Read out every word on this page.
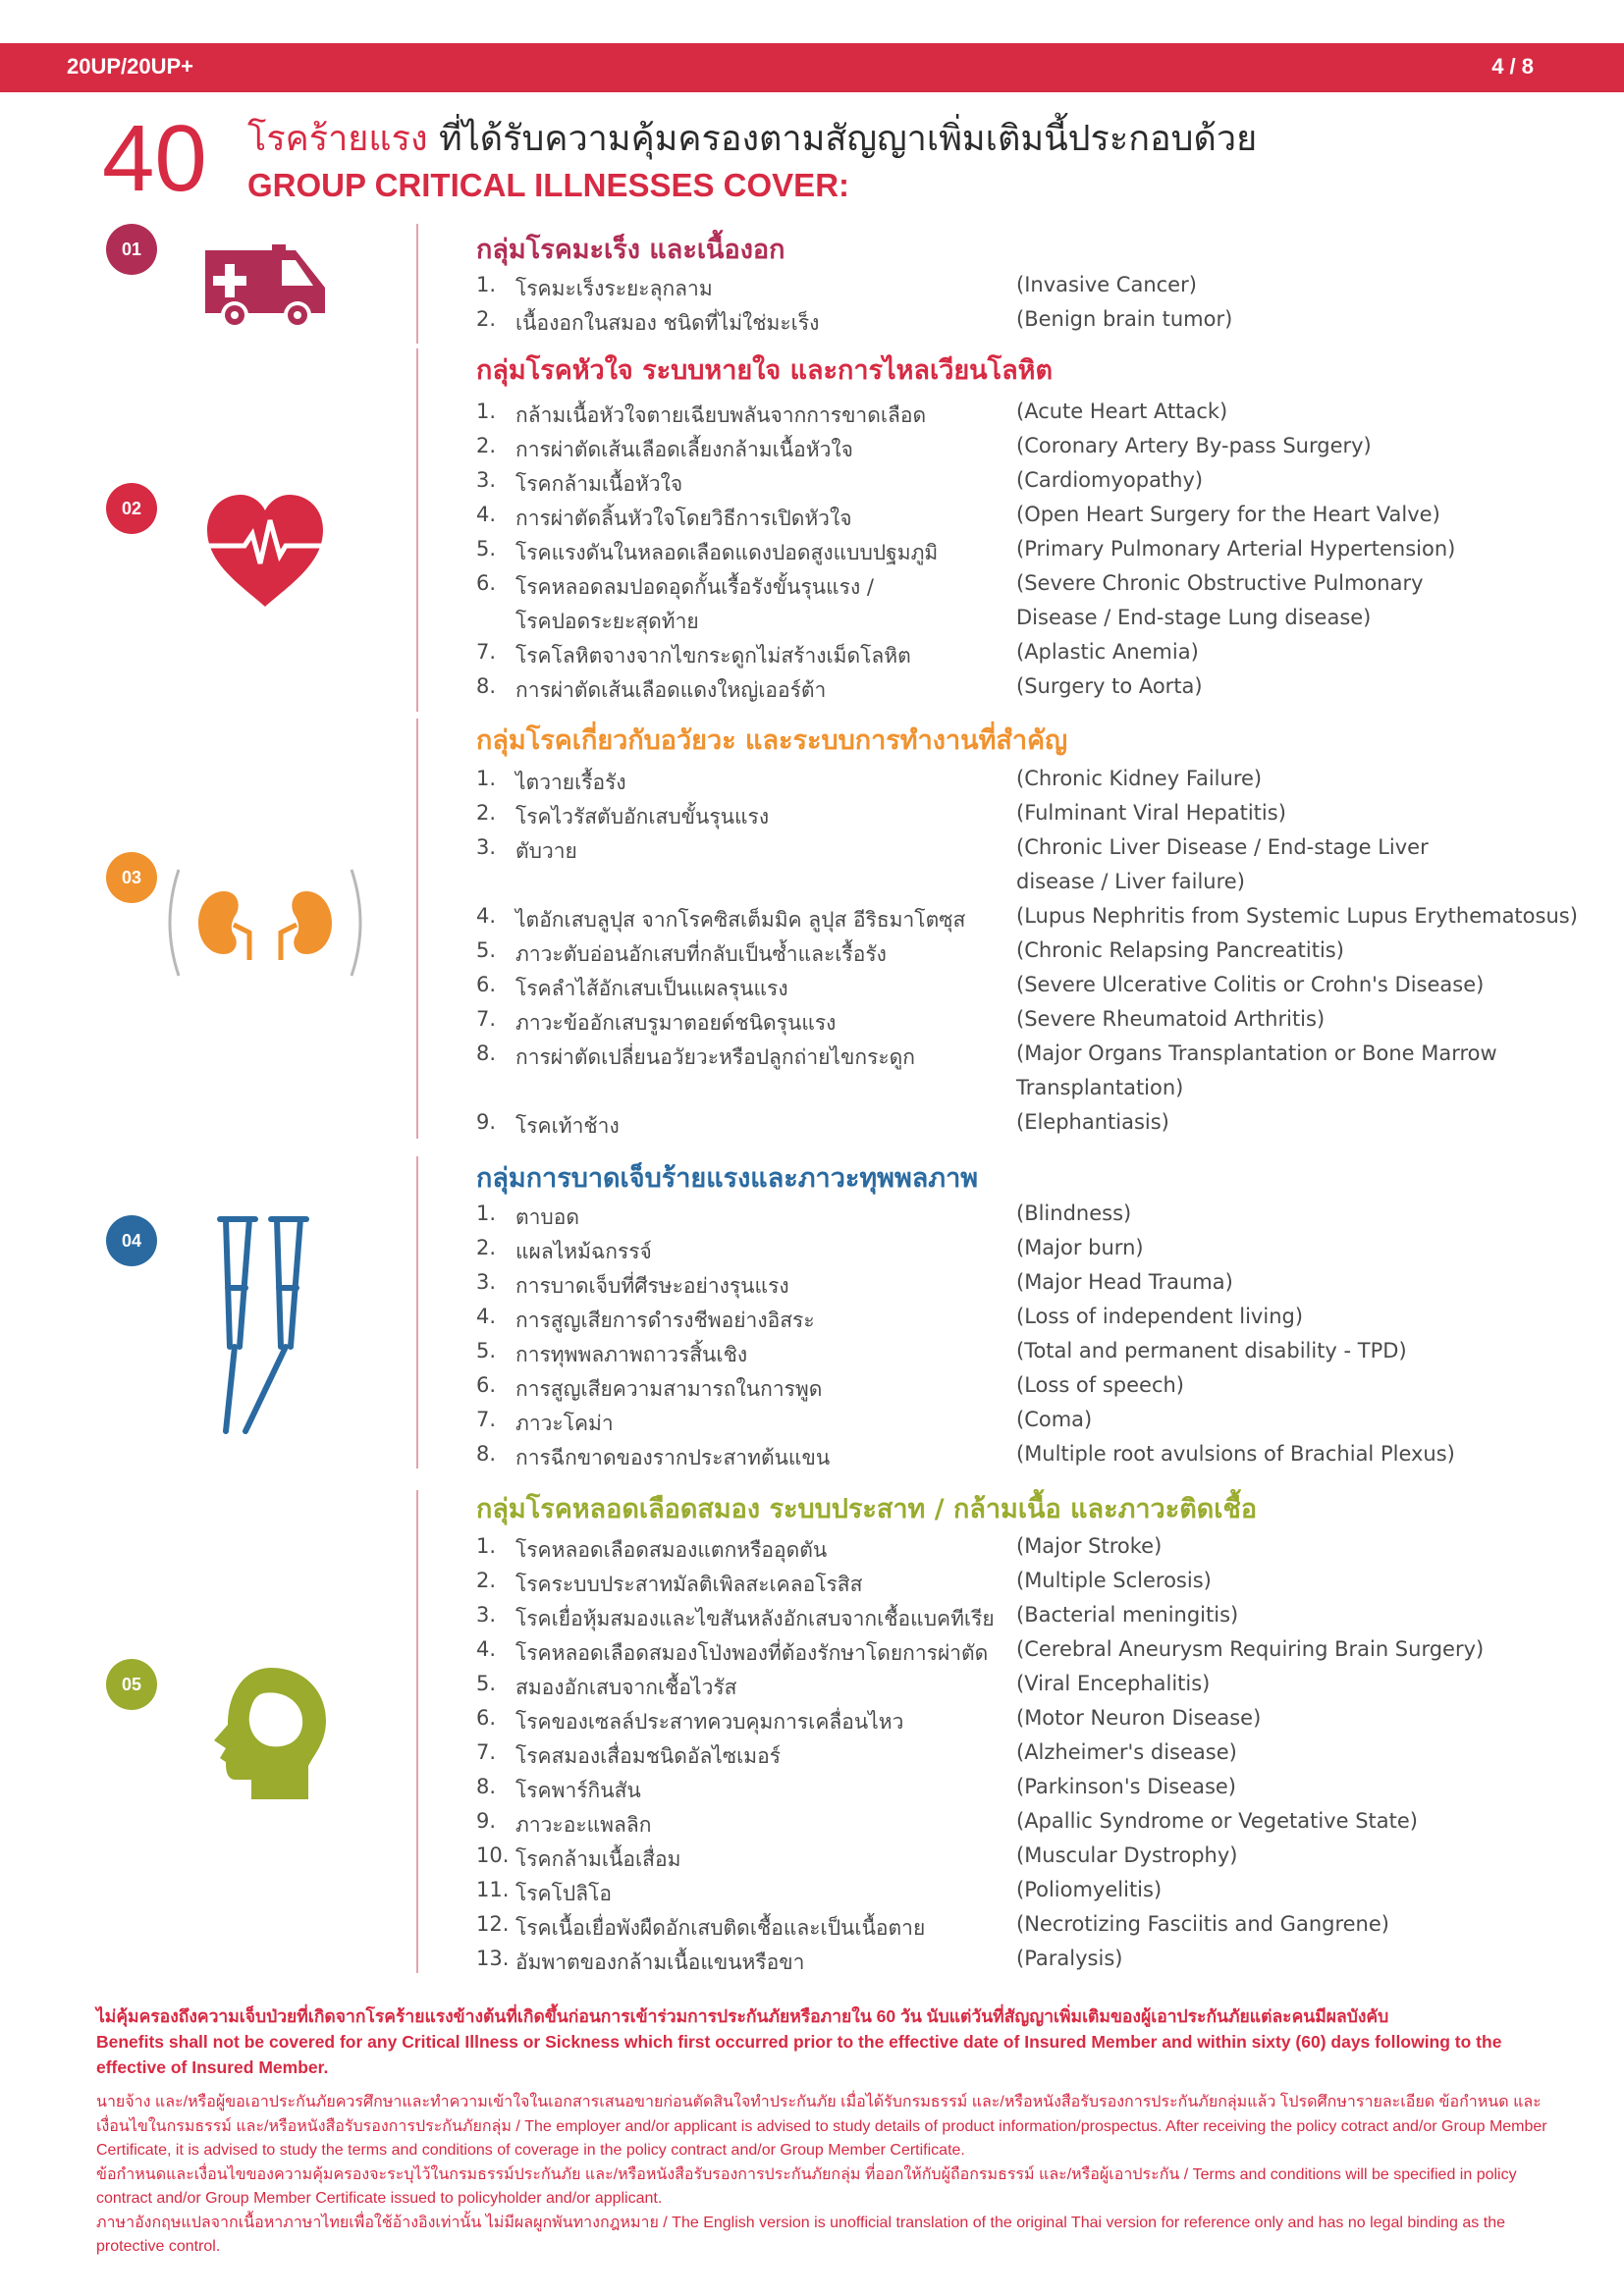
20UP/20UP+	4 / 8
40 โรคร้ายแรง ที่ได้รับความคุ้มครองตามสัญญาเพิ่มเติมนี้ประกอบด้วย
GROUP CRITICAL ILLNESSES COVER:
01
02
03
04
05
กลุ่มโรคมะเร็ง และเนื้องอก
1. โรคมะเร็งระยะลุกลาม	(Invasive Cancer)
2. เนื้องอกในสมอง ชนิดที่ไม่ใช่มะเร็ง	(Benign brain tumor)
กลุ่มโรคหัวใจ ระบบหายใจ และการไหลเวียนโลหิต
1. กล้ามเนื้อหัวใจตายเฉียบพลันจากการขาดเลือด	(Acute Heart Attack)
2. การผ่าตัดเส้นเลือดเลี้ยงกล้ามเนื้อหัวใจ	(Coronary Artery By-pass Surgery)
3. โรคกล้ามเนื้อหัวใจ	(Cardiomyopathy)
4. การผ่าตัดลิ้นหัวใจโดยวิธีการเปิดหัวใจ	(Open Heart Surgery for the Heart Valve)
5. โรคแรงดันในหลอดเลือดแดงปอดสูงแบบปฐมภูมิ	(Primary Pulmonary Arterial Hypertension)
6. โรคหลอดลมปอดอุดกั้นเรื้อรังขั้นรุนแรง /	(Severe Chronic Obstructive Pulmonary
โรคปอดระยะสุดท้าย	Disease / End-stage Lung disease)
7. โรคโลหิตจางจากไขกระดูกไม่สร้างเม็ดโลหิต	(Aplastic Anemia)
8. การผ่าตัดเส้นเลือดแดงใหญ่เออร์ต้า	(Surgery to Aorta)
กลุ่มโรคเกี่ยวกับอวัยวะ และระบบการทำงานที่สำคัญ
1. ไตวายเรื้อรัง	(Chronic Kidney Failure)
2. โรคไวรัสตับอักเสบขั้นรุนแรง	(Fulminant Viral Hepatitis)
3. ตับวาย	(Chronic Liver Disease / End-stage Liver
disease / Liver failure)
4. ไตอักเสบลูปุส จากโรคซิสเต็มมิค ลูปุส อีริธมาโตซุส (Lupus Nephritis from Systemic Lupus Erythematosus)
5. ภาวะตับอ่อนอักเสบที่กลับเป็นซ้ำและเรื้อรัง	(Chronic Relapsing Pancreatitis)
6. โรคลำไส้อักเสบเป็นแผลรุนแรง	(Severe Ulcerative Colitis or Crohn's Disease)
7. ภาวะข้ออักเสบรูมาตอยด์ชนิดรุนแรง	(Severe Rheumatoid Arthritis)
8. การผ่าตัดเปลี่ยนอวัยวะหรือปลูกถ่ายไขกระดูก	(Major Organs Transplantation or Bone Marrow
Transplantation)
9. โรคเท้าช้าง	(Elephantiasis)
กลุ่มการบาดเจ็บร้ายแรงและภาวะทุพพลภาพ
1. ตาบอด	(Blindness)
2. แผลไหม้ฉกรรจ์	(Major burn)
3. การบาดเจ็บที่ศีรษะอย่างรุนแรง	(Major Head Trauma)
4. การสูญเสียการดำรงชีพอย่างอิสระ	(Loss of independent living)
5. การทุพพลภาพถาวรสิ้นเชิง	(Total and permanent disability - TPD)
6. การสูญเสียความสามารถในการพูด	(Loss of speech)
7. ภาวะโคม่า	(Coma)
8. การฉีกขาดของรากประสาทต้นแขน	(Multiple root avulsions of Brachial Plexus)
กลุ่มโรคหลอดเลือดสมอง ระบบประสาท / กล้ามเนื้อ และภาวะติดเชื้อ
1. โรคหลอดเลือดสมองแตกหรืออุดตัน	(Major Stroke)
2. โรคระบบประสาทมัลติเพิลสะเคลอโรสิส	(Multiple Sclerosis)
3. โรคเยื่อหุ้มสมองและไขสันหลังอักเสบจากเชื้อแบคทีเรีย (Bacterial meningitis)
4. โรคหลอดเลือดสมองโป่งพองที่ต้องรักษาโดยการผ่าตัด (Cerebral Aneurysm Requiring Brain Surgery)
5. สมองอักเสบจากเชื้อไวรัส	(Viral Encephalitis)
6. โรคของเซลล์ประสาทควบคุมการเคลื่อนไหว	(Motor Neuron Disease)
7. โรคสมองเสื่อมชนิดอัลไซเมอร์	(Alzheimer's disease)
8. โรคพาร์กินสัน	(Parkinson's Disease)
9. ภาวะอะแพลลิก	(Apallic Syndrome or Vegetative State)
10. โรคกล้ามเนื้อเสื่อม	(Muscular Dystrophy)
11. โรคโปลิโอ	(Poliomyelitis)
12. โรคเนื้อเยื่อพังผืดอักเสบติดเชื้อและเป็นเนื้อตาย	(Necrotizing Fasciitis and Gangrene)
13. อัมพาตของกล้ามเนื้อแขนหรือขา	(Paralysis)
ไม่คุ้มครองถึงความเจ็บป่วยที่เกิดจากโรคร้ายแรงข้างต้นที่เกิดขึ้นก่อนการเข้าร่วมการประกันภัยหรือภายใน 60 วัน นับแต่วันที่สัญญาเพิ่มเติมของผู้เอาประกันภัยแต่ละคนมีผลบังคับ
Benefits shall not be covered for any Critical Illness or Sickness which first occurred prior to the effective date of Insured Member and within sixty (60) days following to the effective of Insured Member.
นายจ้าง และ/หรือผู้ขอเอาประกันภัยควรศึกษาและทำความเข้าใจในเอกสารเสนอขายก่อนตัดสินใจทำประกันภัย เมื่อได้รับกรมธรรม์ และ/หรือหนังสือรับรองการประกันภัยกลุ่มแล้ว โปรดศึกษารายละเอียด ข้อกำหนด และเงื่อนไขในกรมธรรม์ และ/หรือหนังสือรับรองการประกันภัยกลุ่ม / The employer and/or applicant is advised to study details of product information/prospectus. After receiving the policy cotract and/or Group Member Certificate, it is advised to study the terms and conditions of coverage in the policy contract and/or Group Member Certificate.
ข้อกำหนดและเงื่อนไขของความคุ้มครองจะระบุไว้ในกรมธรรม์ประกันภัย และ/หรือหนังสือรับรองการประกันภัยกลุ่ม ที่ออกให้กับผู้ถือกรมธรรม์ และ/หรือผู้เอาประกัน / Terms and conditions will be specified in policy contract and/or Group Member Certificate issued to policyholder and/or applicant.
ภาษาอังกฤษแปลจากเนื้อหาภาษาไทยเพื่อใช้อ้างอิงเท่านั้น ไม่มีผลผูกพันทางกฎหมาย / The English version is unofficial translation of the original Thai version for reference only and has no legal binding as the protective control.
